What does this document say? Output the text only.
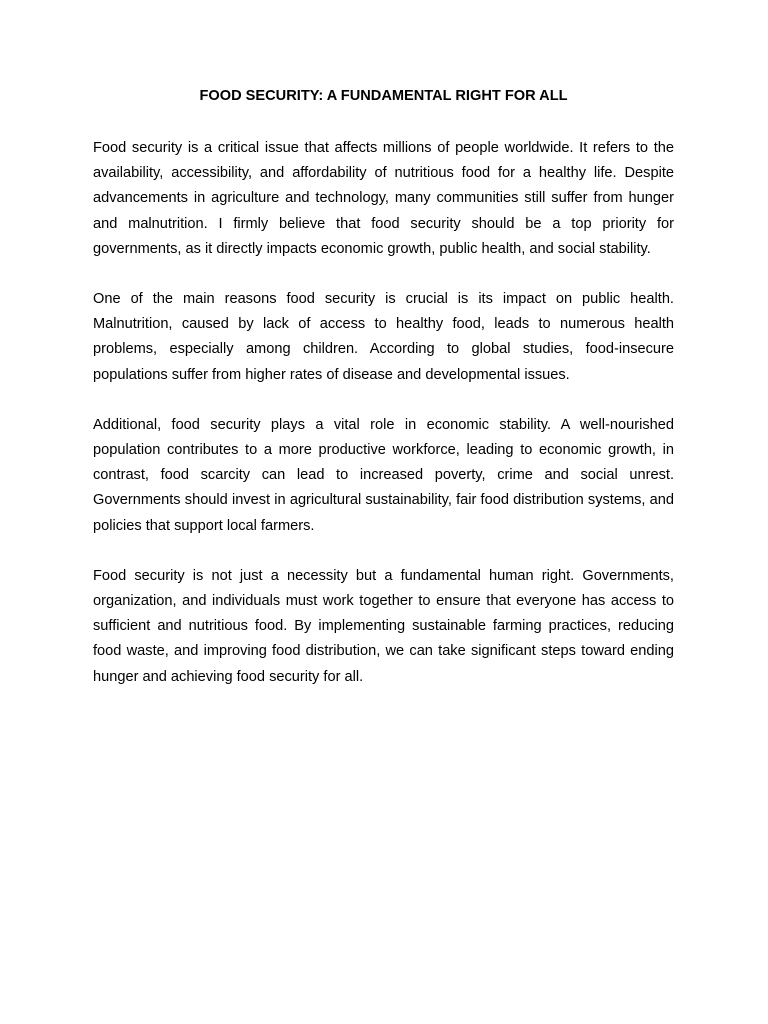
FOOD SECURITY: A FUNDAMENTAL RIGHT FOR ALL

Food security is a critical issue that affects millions of people worldwide. It refers to the availability, accessibility, and affordability of nutritious food for a healthy life. Despite advancements in agriculture and technology, many communities still suffer from hunger and malnutrition. I firmly believe that food security should be a top priority for governments, as it directly impacts economic growth, public health, and social stability.

One of the main reasons food security is crucial is its impact on public health. Malnutrition, caused by lack of access to healthy food, leads to numerous health problems, especially among children. According to global studies, food-insecure populations suffer from higher rates of disease and developmental issues.

Additional, food security plays a vital role in economic stability. A well-nourished population contributes to a more productive workforce, leading to economic growth, in contrast, food scarcity can lead to increased poverty, crime and social unrest. Governments should invest in agricultural sustainability, fair food distribution systems, and policies that support local farmers.

Food security is not just a necessity but a fundamental human right. Governments, organization, and individuals must work together to ensure that everyone has access to sufficient and nutritious food. By implementing sustainable farming practices, reducing food waste, and improving food distribution, we can take significant steps toward ending hunger and achieving food security for all.
